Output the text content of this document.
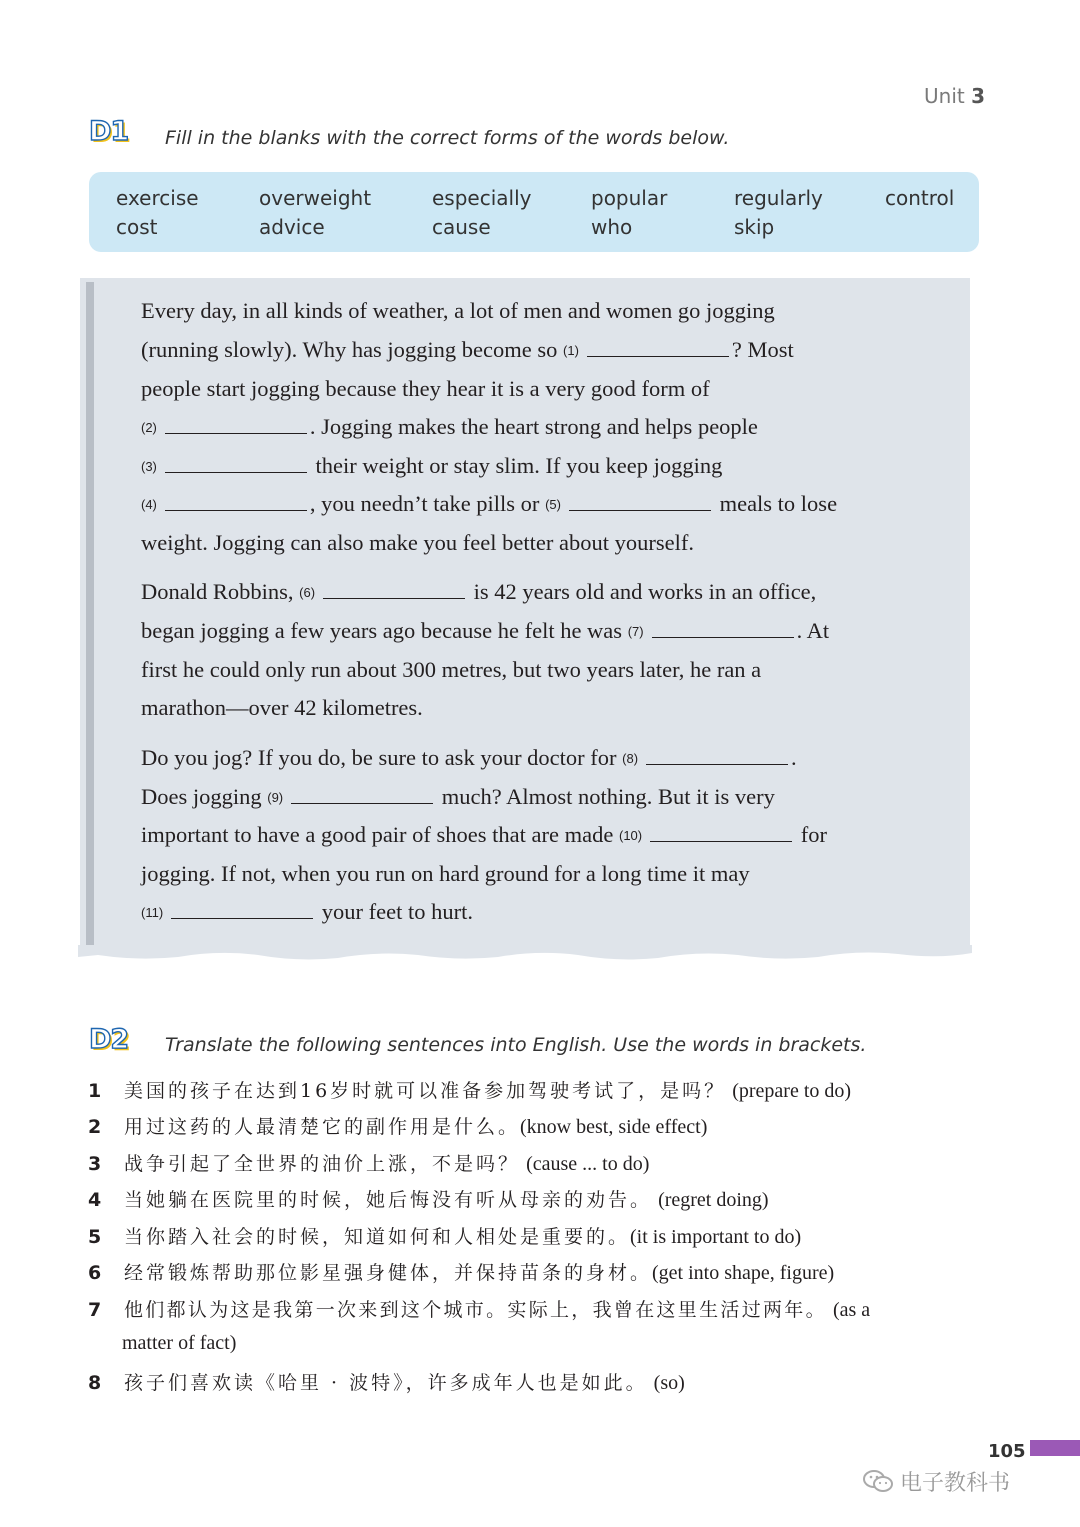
Unit 3
D1 Fill in the blanks with the correct forms of the words below.
exercise	overweight	especially	popular	regularly	control
cost	advice	cause	who	skip
Every day, in all kinds of weather, a lot of men and women go jogging
(running slowly). Why has jogging become so (1)	? Most
people start jogging because they hear it is a very good form of
(2)	. Jogging makes the heart strong and helps people
(3)	their weight or stay slim. If you keep jogging
(4)	, you needn’t take pills or (5)	meals to lose
weight. Jogging can also make you feel better about yourself.
Donald Robbins, (6)	is 42 years old and works in an office,
began jogging a few years ago because he felt he was (7)	. At
first he could only run about 300 metres, but two years later, he ran a
marathon—over 42 kilometres.
Do you jog? If you do, be sure to ask your doctor for (8)	.
Does jogging (9)	much? Almost nothing. But it is very
important to have a good pair of shoes that are made (10)	for
jogging. If not, when you run on hard ground for a long time it may
(11)	your feet to hurt.
D2 Translate the following sentences into English. Use the words in brackets.
1 美国的孩子在达到16岁时就可以准备参加驾驶考试了，是吗？ (prepare to do)
2 用过这药的人最清楚它的副作用是什么。(know best, side effect)
3 战争引起了全世界的油价上涨，不是吗？ (cause ... to do)
4 当她躺在医院里的时候，她后悔没有听从母亲的劝告。 (regret doing)
5 当你踏入社会的时候，知道如何和人相处是重要的。(it is important to do)
6 经常锻炼帮助那位影星强身健体，并保持苗条的身材。(get into shape, figure)
7 他们都认为这是我第一次来到这个城市。实际上，我曾在这里生活过两年。 (as a
matter of fact)
8 孩子们喜欢读《哈里 · 波特》，许多成年人也是如此。 (so)
105
电子教科书
